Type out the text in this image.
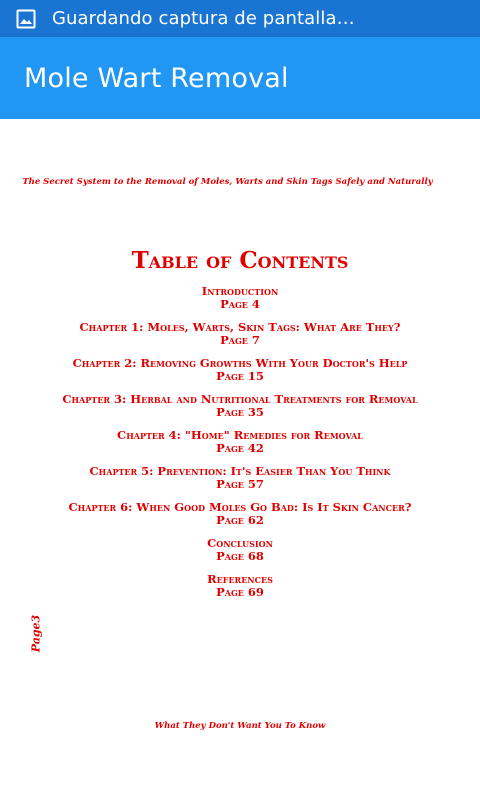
Guardando captura de pantalla…
Mole Wart Removal
The Secret System to the Removal of Moles, Warts and Skin Tags Safely and Naturally
Table of Contents
Introduction
Page 4
Chapter 1: Moles, Warts, Skin Tags: What Are They?
Page 7
Chapter 2: Removing Growths With Your Doctor's Help
Page 15
Chapter 3: Herbal and Nutritional Treatments for Removal
Page 35
Chapter 4: "Home" Remedies for Removal
Page 42
Chapter 5: Prevention: It's Easier Than You Think
Page 57
Chapter 6: When Good Moles Go Bad: Is It Skin Cancer?
Page 62
Conclusion
Page 68
References
Page 69
Page3
What They Don't Want You To Know
